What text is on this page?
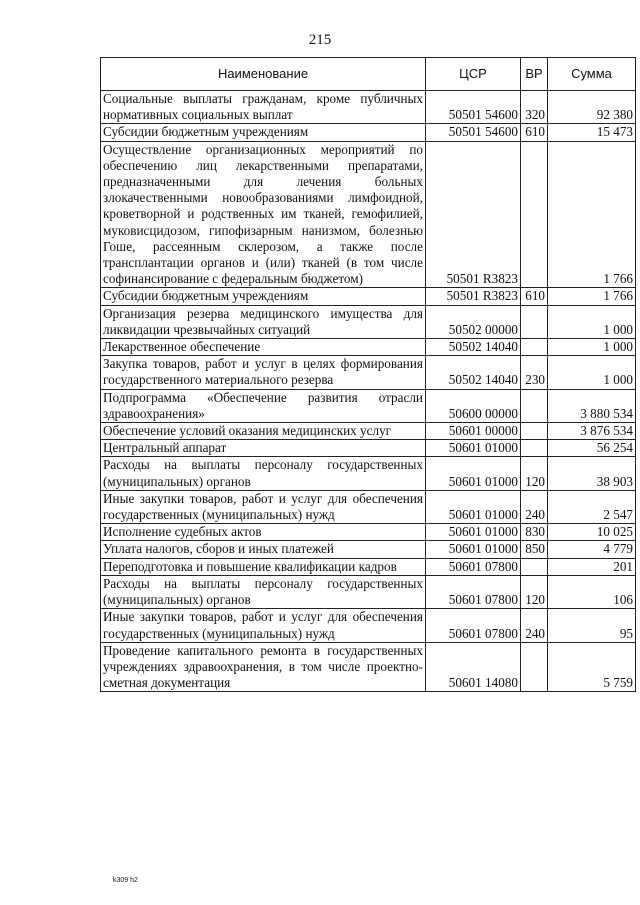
215
Наименование	ЦСР	ВР	Сумма
Социальные выплаты гражданам, кроме публичных нормативных социальных выплат	50501 54600	320	92 380
Субсидии бюджетным учреждениям	50501 54600	610	15 473
Осуществление организационных мероприятий по обеспечению лиц лекарственными препаратами, предназначенными для лечения больных злокачественными новообразованиями лимфоидной, кроветворной и родственных им тканей, гемофилией, муковисцидозом, гипофизарным нанизмом, болезнью Гоше, рассеянным склерозом, а также после трансплантации органов и (или) тканей (в том числе софинансирование с федеральным бюджетом)	50501 R3823		1 766
Субсидии бюджетным учреждениям	50501 R3823	610	1 766
Организация резерва медицинского имущества для ликвидации чрезвычайных ситуаций	50502 00000		1 000
Лекарственное обеспечение	50502 14040		1 000
Закупка товаров, работ и услуг в целях формирования государственного материального резерва	50502 14040	230	1 000
Подпрограмма «Обеспечение развития отрасли здравоохранения»	50600 00000		3 880 534
Обеспечение условий оказания медицинских услуг	50601 00000		3 876 534
Центральный аппарат	50601 01000		56 254
Расходы на выплаты персоналу государственных (муниципальных) органов	50601 01000	120	38 903
Иные закупки товаров, работ и услуг для обеспечения государственных (муниципальных) нужд	50601 01000	240	2 547
Исполнение судебных актов	50601 01000	830	10 025
Уплата налогов, сборов и иных платежей	50601 01000	850	4 779
Переподготовка и повышение квалификации кадров	50601 07800		201
Расходы на выплаты персоналу государственных (муниципальных) органов	50601 07800	120	106
Иные закупки товаров, работ и услуг для обеспечения государственных (муниципальных) нужд	50601 07800	240	95
Проведение капитального ремонта в государственных учреждениях здравоохранения, в том числе проектно-сметная документация	50601 14080		5 759
k309 h2
